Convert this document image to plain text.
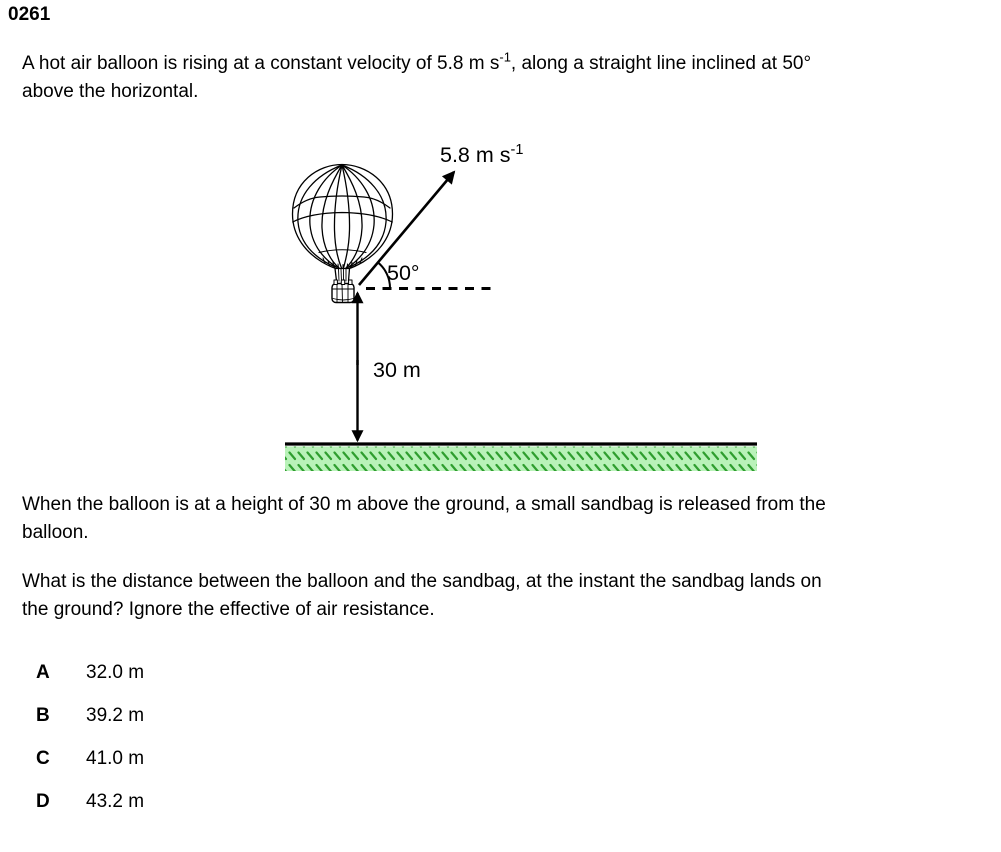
0261
A hot air balloon is rising at a constant velocity of 5.8 m $s^{-1}$, along a straight line inclined at 50°
above the horizontal.
5.8 m $s^{-1}$
50°
30 m
When the balloon is at a height of 30 m above the ground, a small sandbag is released from the
balloon.
What is the distance between the balloon and the sandbag, at the instant the sandbag lands on
the ground? Ignore the effective of air resistance.
A	32.0 m
B	39.2 m
C	41.0 m
D	43.2 m
